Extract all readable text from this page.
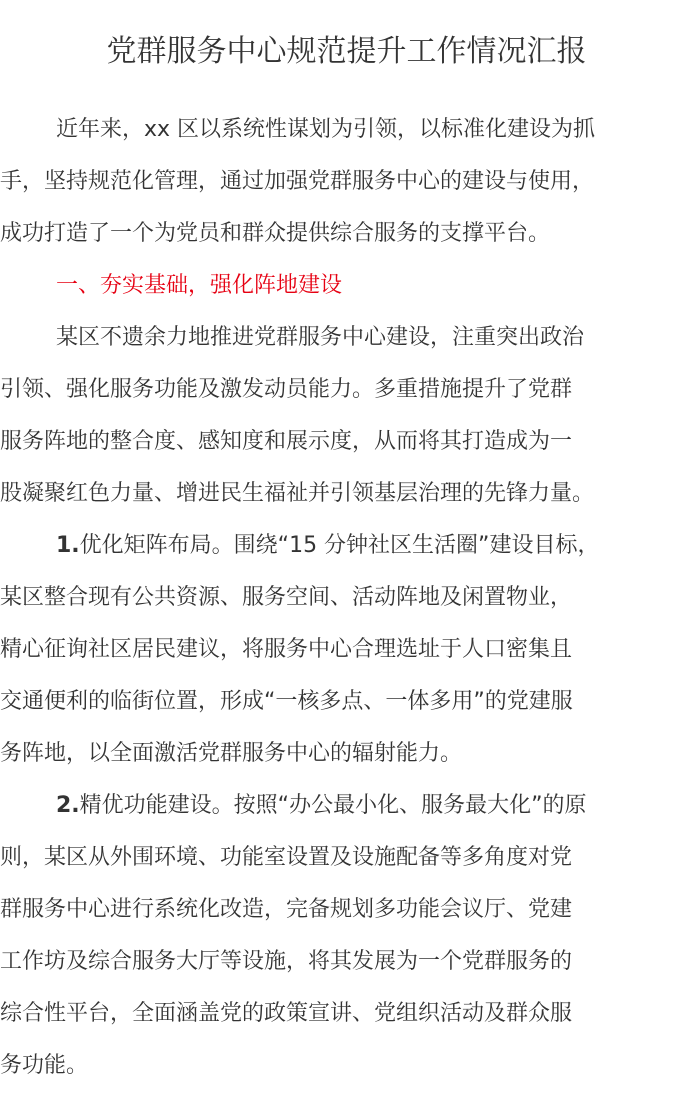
党群服务中心规范提升工作情况汇报
近年来，xx 区以系统性谋划为引领，以标准化建设为抓
手，坚持规范化管理，通过加强党群服务中心的建设与使用，
成功打造了一个为党员和群众提供综合服务的支撑平台。
一、夯实基础，强化阵地建设
某区不遗余力地推进党群服务中心建设，注重突出政治
引领、强化服务功能及激发动员能力。多重措施提升了党群
服务阵地的整合度、感知度和展示度，从而将其打造成为一
股凝聚红色力量、增进民生福祉并引领基层治理的先锋力量。
1.优化矩阵布局。围绕“15 分钟社区生活圈”建设目标，
某区整合现有公共资源、服务空间、活动阵地及闲置物业，
精心征询社区居民建议，将服务中心合理选址于人口密集且
交通便利的临街位置，形成“一核多点、一体多用”的党建服
务阵地，以全面激活党群服务中心的辐射能力。
2.精优功能建设。按照“办公最小化、服务最大化”的原
则，某区从外围环境、功能室设置及设施配备等多角度对党
群服务中心进行系统化改造，完备规划多功能会议厅、党建
工作坊及综合服务大厅等设施，将其发展为一个党群服务的
综合性平台，全面涵盖党的政策宣讲、党组织活动及群众服
务功能。
